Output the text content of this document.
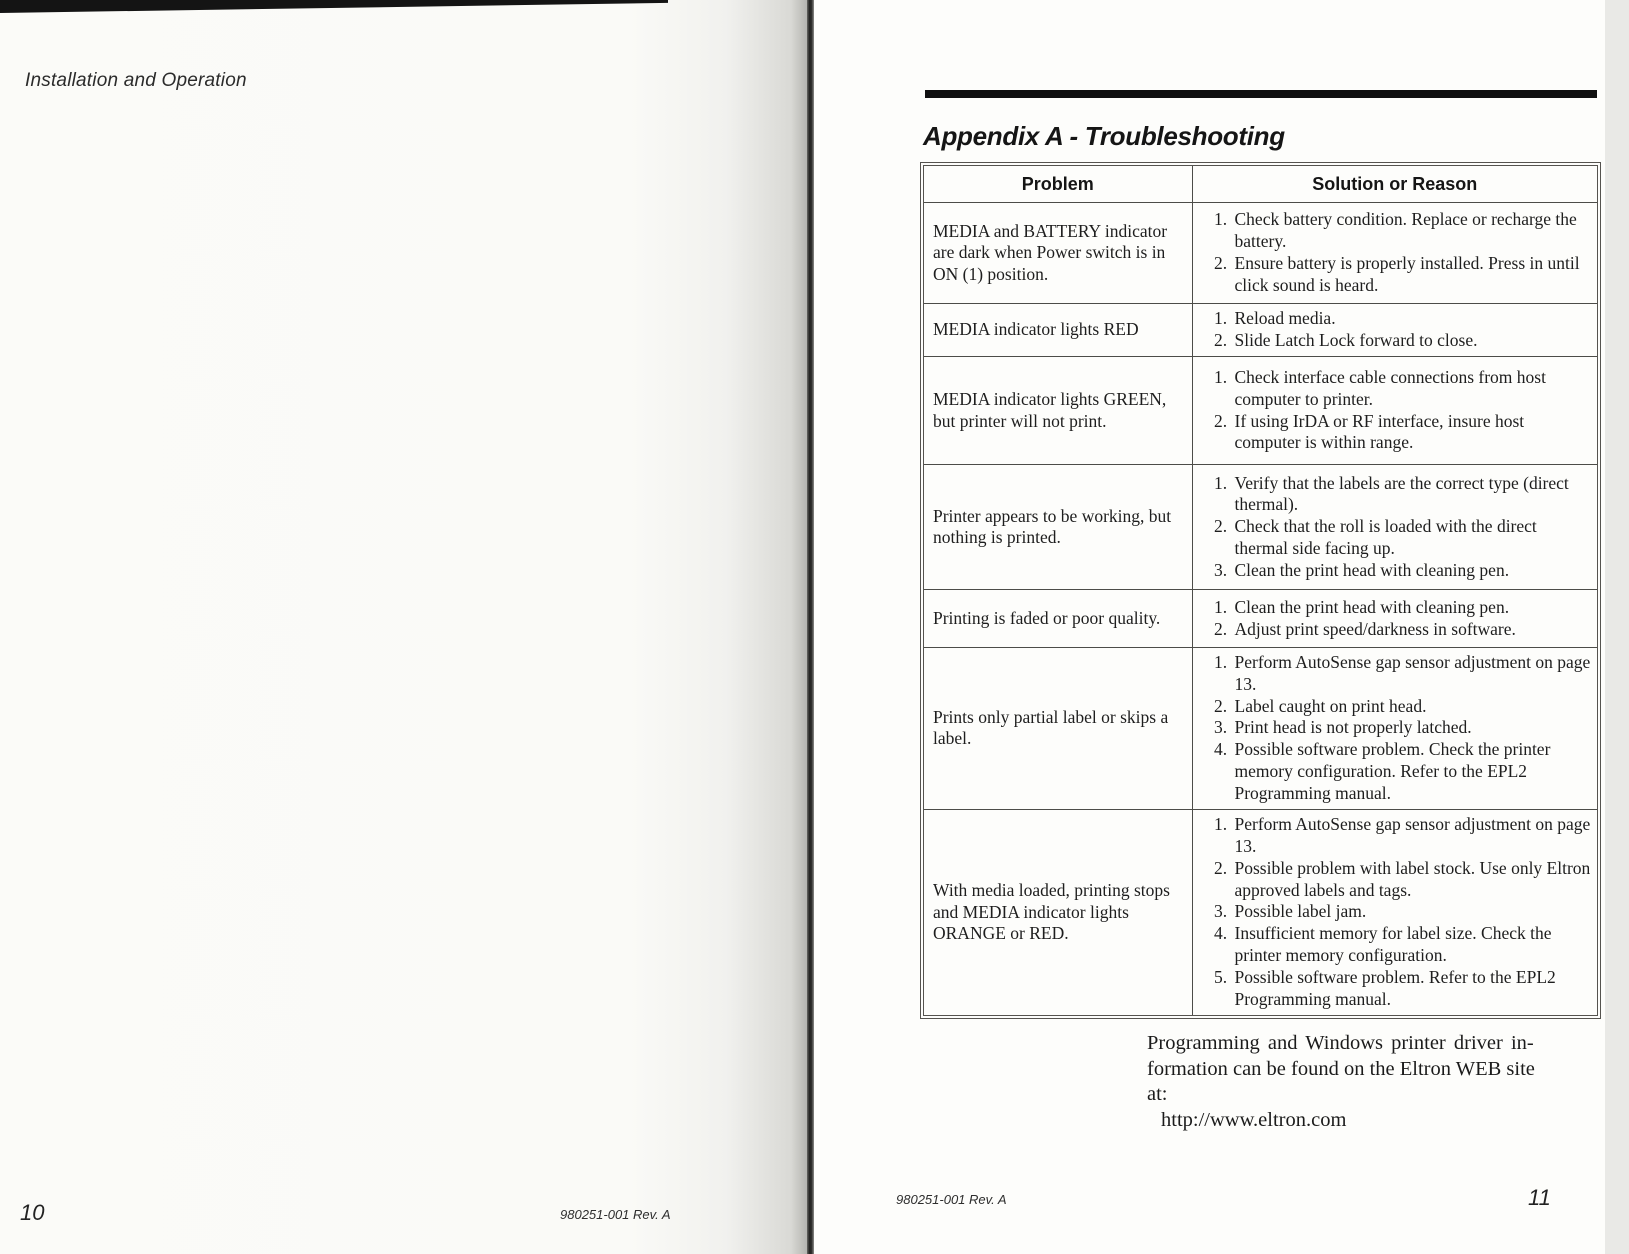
Installation and Operation
10	980251-001 Rev. A
Appendix A - Troubleshooting
Problem	Solution or Reason
MEDIA and BATTERY indicator are dark when Power switch is in ON (1) position.	
1. Check battery condition. Replace or recharge the battery.
2. Ensure battery is properly installed. Press in until click sound is heard.

MEDIA indicator lights RED	
1. Reload media.
2. Slide Latch Lock forward to close.

MEDIA indicator lights GREEN, but printer will not print.	
1. Check interface cable connections from host computer to printer.
2. If using IrDA or RF interface, insure host computer is within range.

Printer appears to be working, but nothing is printed.	
1. Verify that the labels are the correct type (direct thermal).
2. Check that the roll is loaded with the direct thermal side facing up.
3. Clean the print head with cleaning pen.

Printing is faded or poor quality.	
1. Clean the print head with cleaning pen.
2. Adjust print speed/darkness in software.

Prints only partial label or skips a label.	
1. Perform AutoSense gap sensor adjustment on page 13.
2. Label caught on print head.
3. Print head is not properly latched.
4. Possible software problem. Check the printer memory configuration. Refer to the EPL2 Programming manual.

With media loaded, printing stops and MEDIA indicator lights ORANGE or RED.	
1. Perform AutoSense gap sensor adjustment on page 13.
2. Possible problem with label stock. Use only Eltron approved labels and tags.
3. Possible label jam.
4. Insufficient memory for label size. Check the printer memory configuration.
5. Possible software problem. Refer to the EPL2 Programming manual.
Programming and Windows printer driver in-
formation can be found on the Eltron WEB site
at:
http://www.eltron.com
980251-001 Rev. A	11
